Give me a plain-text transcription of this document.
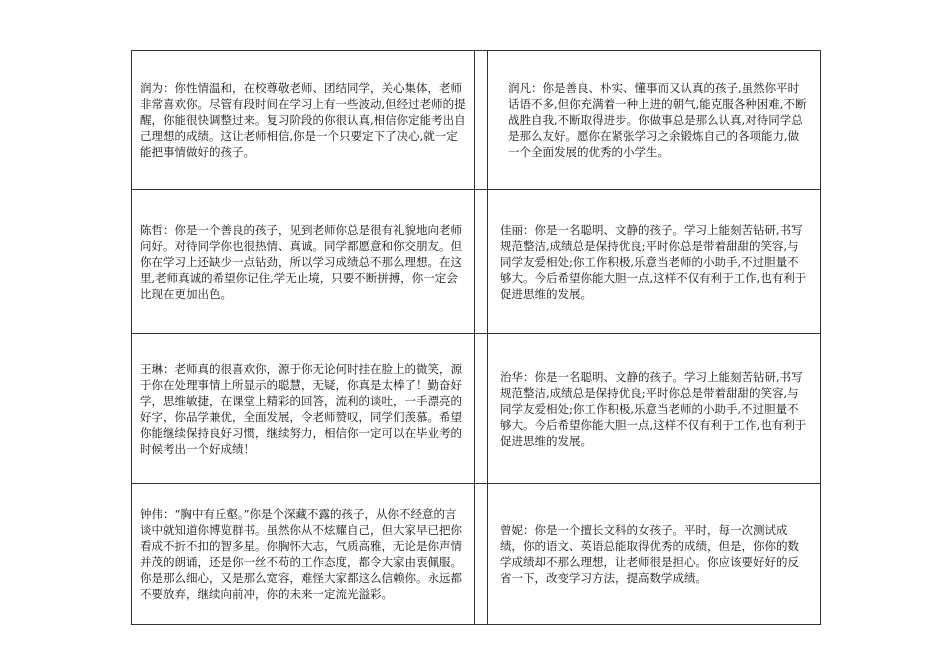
润为：你性情温和，在校尊敬老师、团结同学，关心集体，老师非常喜欢你。尽管有段时间在学习上有一些波动,但经过老师的提醒，你能很快调整过来。复习阶段的你很认真,相信你定能考出自己理想的成绩。这让老师相信,你是一个只要定下了决心,就一定能把事情做好的孩子。		润凡：你是善良、朴实、懂事而又认真的孩子,虽然你平时话语不多,但你充满着一种上进的朝气,能克服各种困难,不断战胜自我,不断取得进步。你做事总是那么认真,对待同学总是那么友好。愿你在紧张学习之余锻炼自己的各项能力,做一个全面发展的优秀的小学生。
陈哲：你是一个善良的孩子，见到老师你总是很有礼貌地向老师问好。对待同学你也很热情、真诚。同学都愿意和你交朋友。但你在学习上还缺少一点钻劲，所以学习成绩总不那么理想。在这里,老师真诚的希望你记住,学无止境，只要不断拼搏，你一定会比现在更加出色。		佳丽：你是一名聪明、文静的孩子。学习上能刻苦钻研,书写规范整洁,成绩总是保持优良;平时你总是带着甜甜的笑容,与同学友爱相处;你工作积极,乐意当老师的小助手,不过胆量不够大。今后希望你能大胆一点,这样不仅有利于工作,也有利于促进思维的发展。
王琳：老师真的很喜欢你，源于你无论何时挂在脸上的微笑，源于你在处理事情上所显示的聪慧，无疑，你真是太棒了！勤奋好学，思维敏捷，在课堂上精彩的回答，流利的谈吐，一手漂亮的好字，你品学兼优，全面发展，令老师赞叹，同学们羡慕。希望你能继续保持良好习惯，继续努力，相信你一定可以在毕业考的时候考出一个好成绩！		治华：你是一名聪明、文静的孩子。学习上能刻苦钻研,书写规范整洁,成绩总是保持优良;平时你总是带着甜甜的笑容,与同学友爱相处;你工作积极,乐意当老师的小助手,不过胆量不够大。今后希望你能大胆一点,这样不仅有利于工作,也有利于促进思维的发展。
钟伟：“胸中有丘壑。”你是个深藏不露的孩子，从你不经意的言谈中就知道你博览群书。虽然你从不炫耀自己，但大家早已把你看成不折不扣的智多星。你胸怀大志，气质高雅，无论是你声情并茂的朗诵，还是你一丝不苟的工作态度，都令大家由衷佩服。你是那么细心，又是那么宽容，难怪大家都这么信赖你。永远都不要放弃，继续向前冲，你的未来一定流光溢彩。		曾妮：你是一个擅长文科的女孩子。平时，每一次测试成绩，你的语文、英语总能取得优秀的成绩，但是，你你的数学成绩却不那么理想，让老师很是担心。你应该要好好的反省一下，改变学习方法，提高数学成绩。
